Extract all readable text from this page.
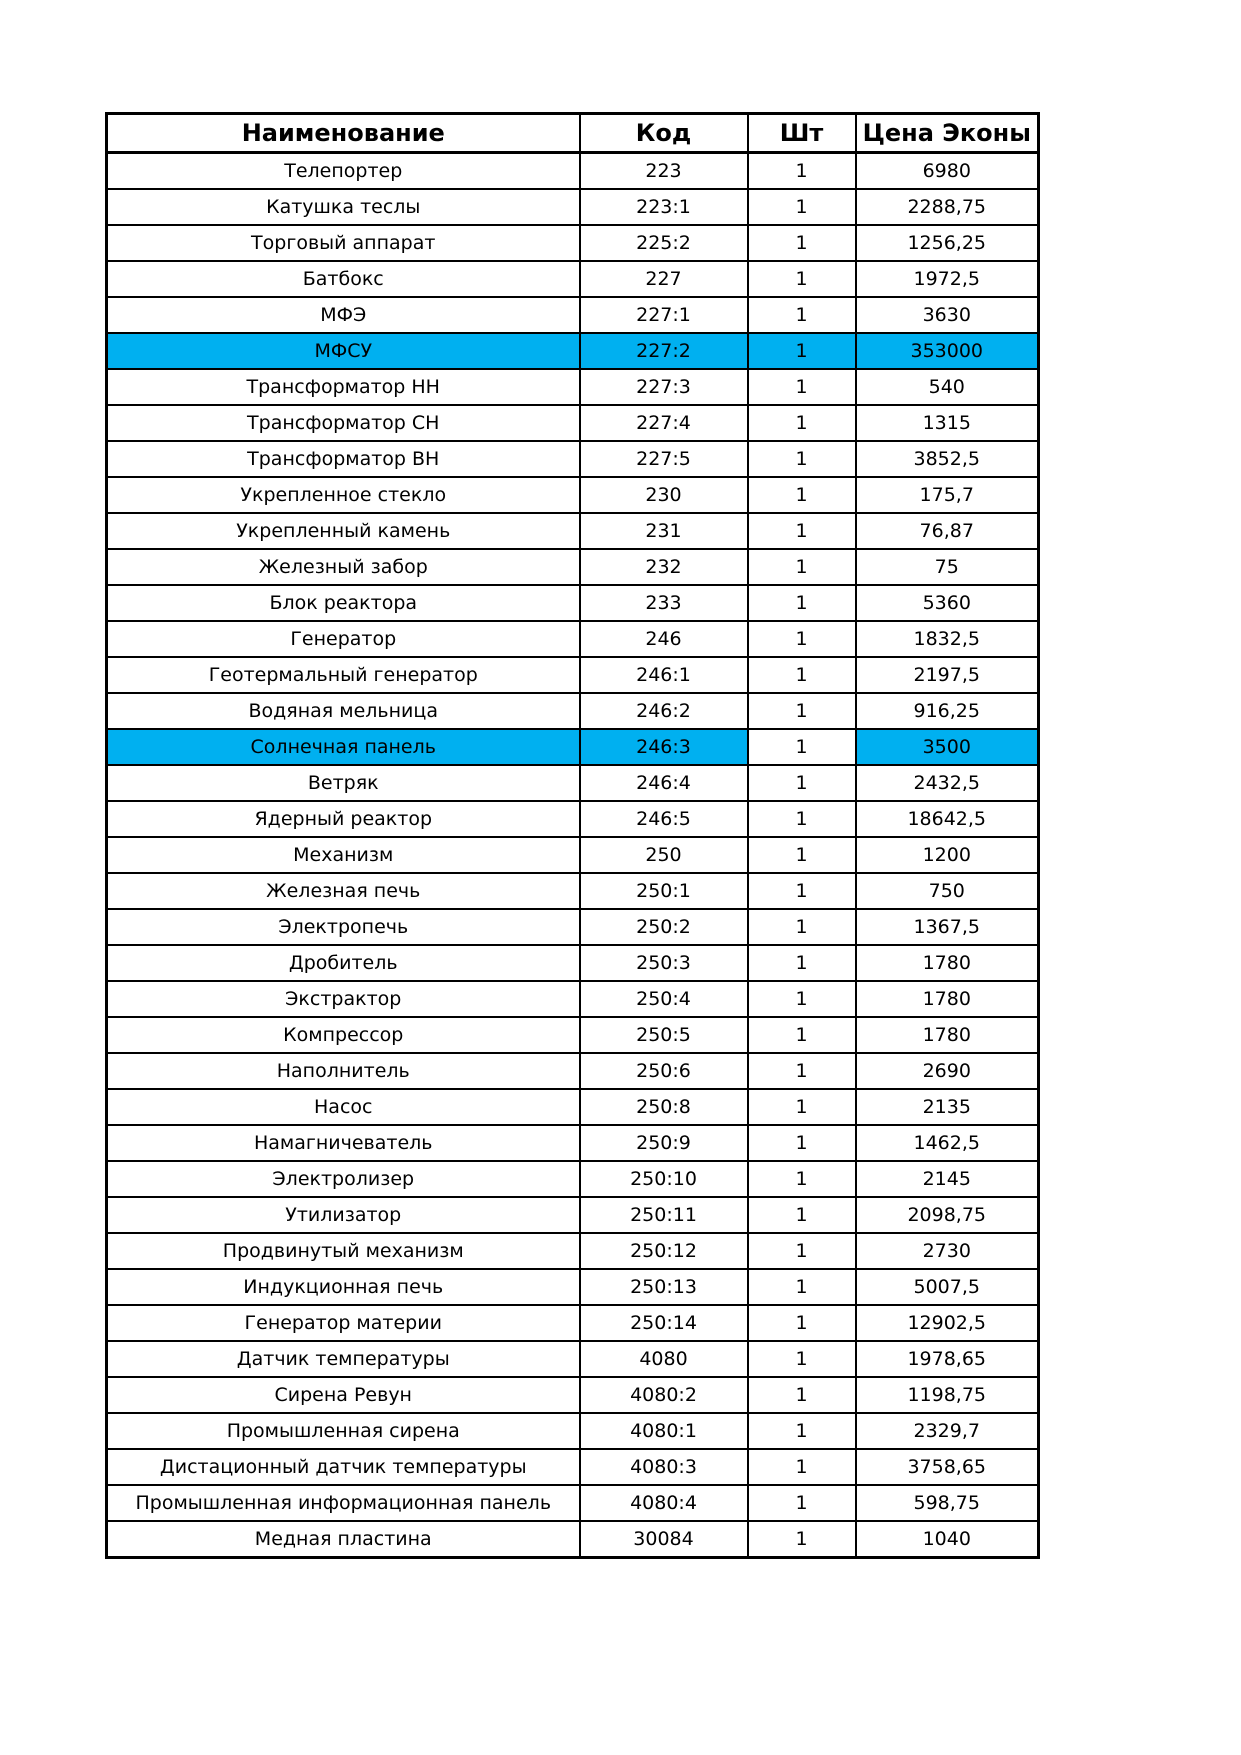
Наименование	Код	Шт	Цена Эконы
Телепортер	223	1	6980
Катушка теслы	223:1	1	2288,75
Торговый аппарат	225:2	1	1256,25
Батбокс	227	1	1972,5
МФЭ	227:1	1	3630
МФСУ	227:2	1	353000
Трансформатор НН	227:3	1	540
Трансформатор СН	227:4	1	1315
Трансформатор ВН	227:5	1	3852,5
Укрепленное стекло	230	1	175,7
Укрепленный камень	231	1	76,87
Железный забор	232	1	75
Блок реактора	233	1	5360
Генератор	246	1	1832,5
Геотермальный генератор	246:1	1	2197,5
Водяная мельница	246:2	1	916,25
Солнечная панель	246:3	1	3500
Ветряк	246:4	1	2432,5
Ядерный реактор	246:5	1	18642,5
Механизм	250	1	1200
Железная печь	250:1	1	750
Электропечь	250:2	1	1367,5
Дробитель	250:3	1	1780
Экстрактор	250:4	1	1780
Компрессор	250:5	1	1780
Наполнитель	250:6	1	2690
Насос	250:8	1	2135
Намагничеватель	250:9	1	1462,5
Электролизер	250:10	1	2145
Утилизатор	250:11	1	2098,75
Продвинутый механизм	250:12	1	2730
Индукционная печь	250:13	1	5007,5
Генератор материи	250:14	1	12902,5
Датчик температуры	4080	1	1978,65
Сирена Ревун	4080:2	1	1198,75
Промышленная сирена	4080:1	1	2329,7
Дистационный датчик температуры	4080:3	1	3758,65
Промышленная информационная панель	4080:4	1	598,75
Медная пластина	30084	1	1040
